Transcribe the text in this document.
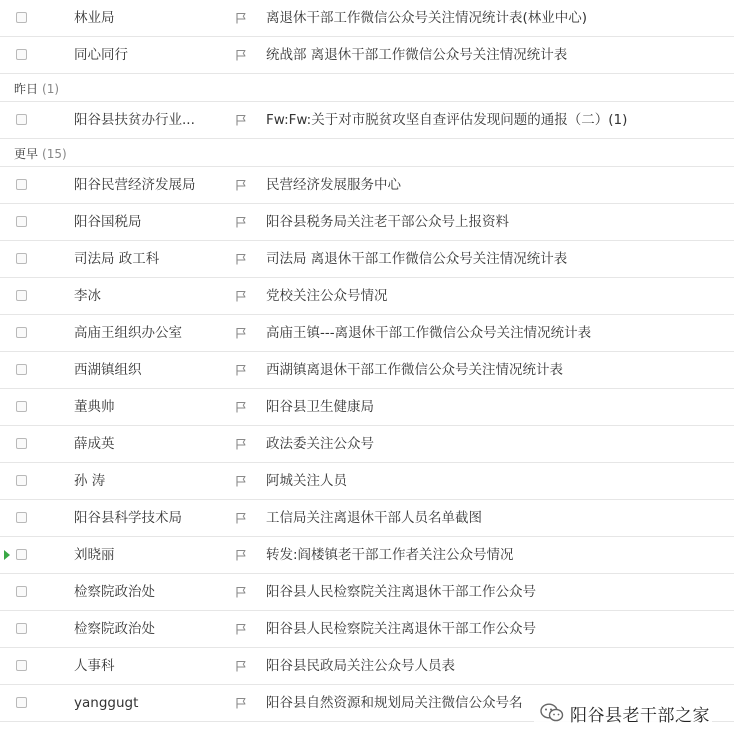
林业局	离退休干部工作微信公众号关注情况统计表(林业中心)
同心同行	统战部 离退休干部工作微信公众号关注情况统计表
昨日 (1)
阳谷县扶贫办行业...	Fw:Fw:关于对市脱贫攻坚自查评估发现问题的通报（二）(1)
更早 (15)
阳谷民营经济发展局	民营经济发展服务中心
阳谷国税局	阳谷县税务局关注老干部公众号上报资料
司法局 政工科	司法局 离退休干部工作微信公众号关注情况统计表
李冰	党校关注公众号情况
高庙王组织办公室	高庙王镇---离退休干部工作微信公众号关注情况统计表
西湖镇组织	西湖镇离退休干部工作微信公众号关注情况统计表
董典帅	阳谷县卫生健康局
薛成英	政法委关注公众号
孙 涛	阿城关注人员
阳谷县科学技术局	工信局关注离退休干部人员名单截图
刘晓丽	转发:阎楼镇老干部工作者关注公众号情况
检察院政治处	阳谷县人民检察院关注离退休干部工作公众号
检察院政治处	阳谷县人民检察院关注离退休干部工作公众号
人事科	阳谷县民政局关注公众号人员表
yanggugt	阳谷县自然资源和规划局关注微信公众号名
阳谷县老干部之家
